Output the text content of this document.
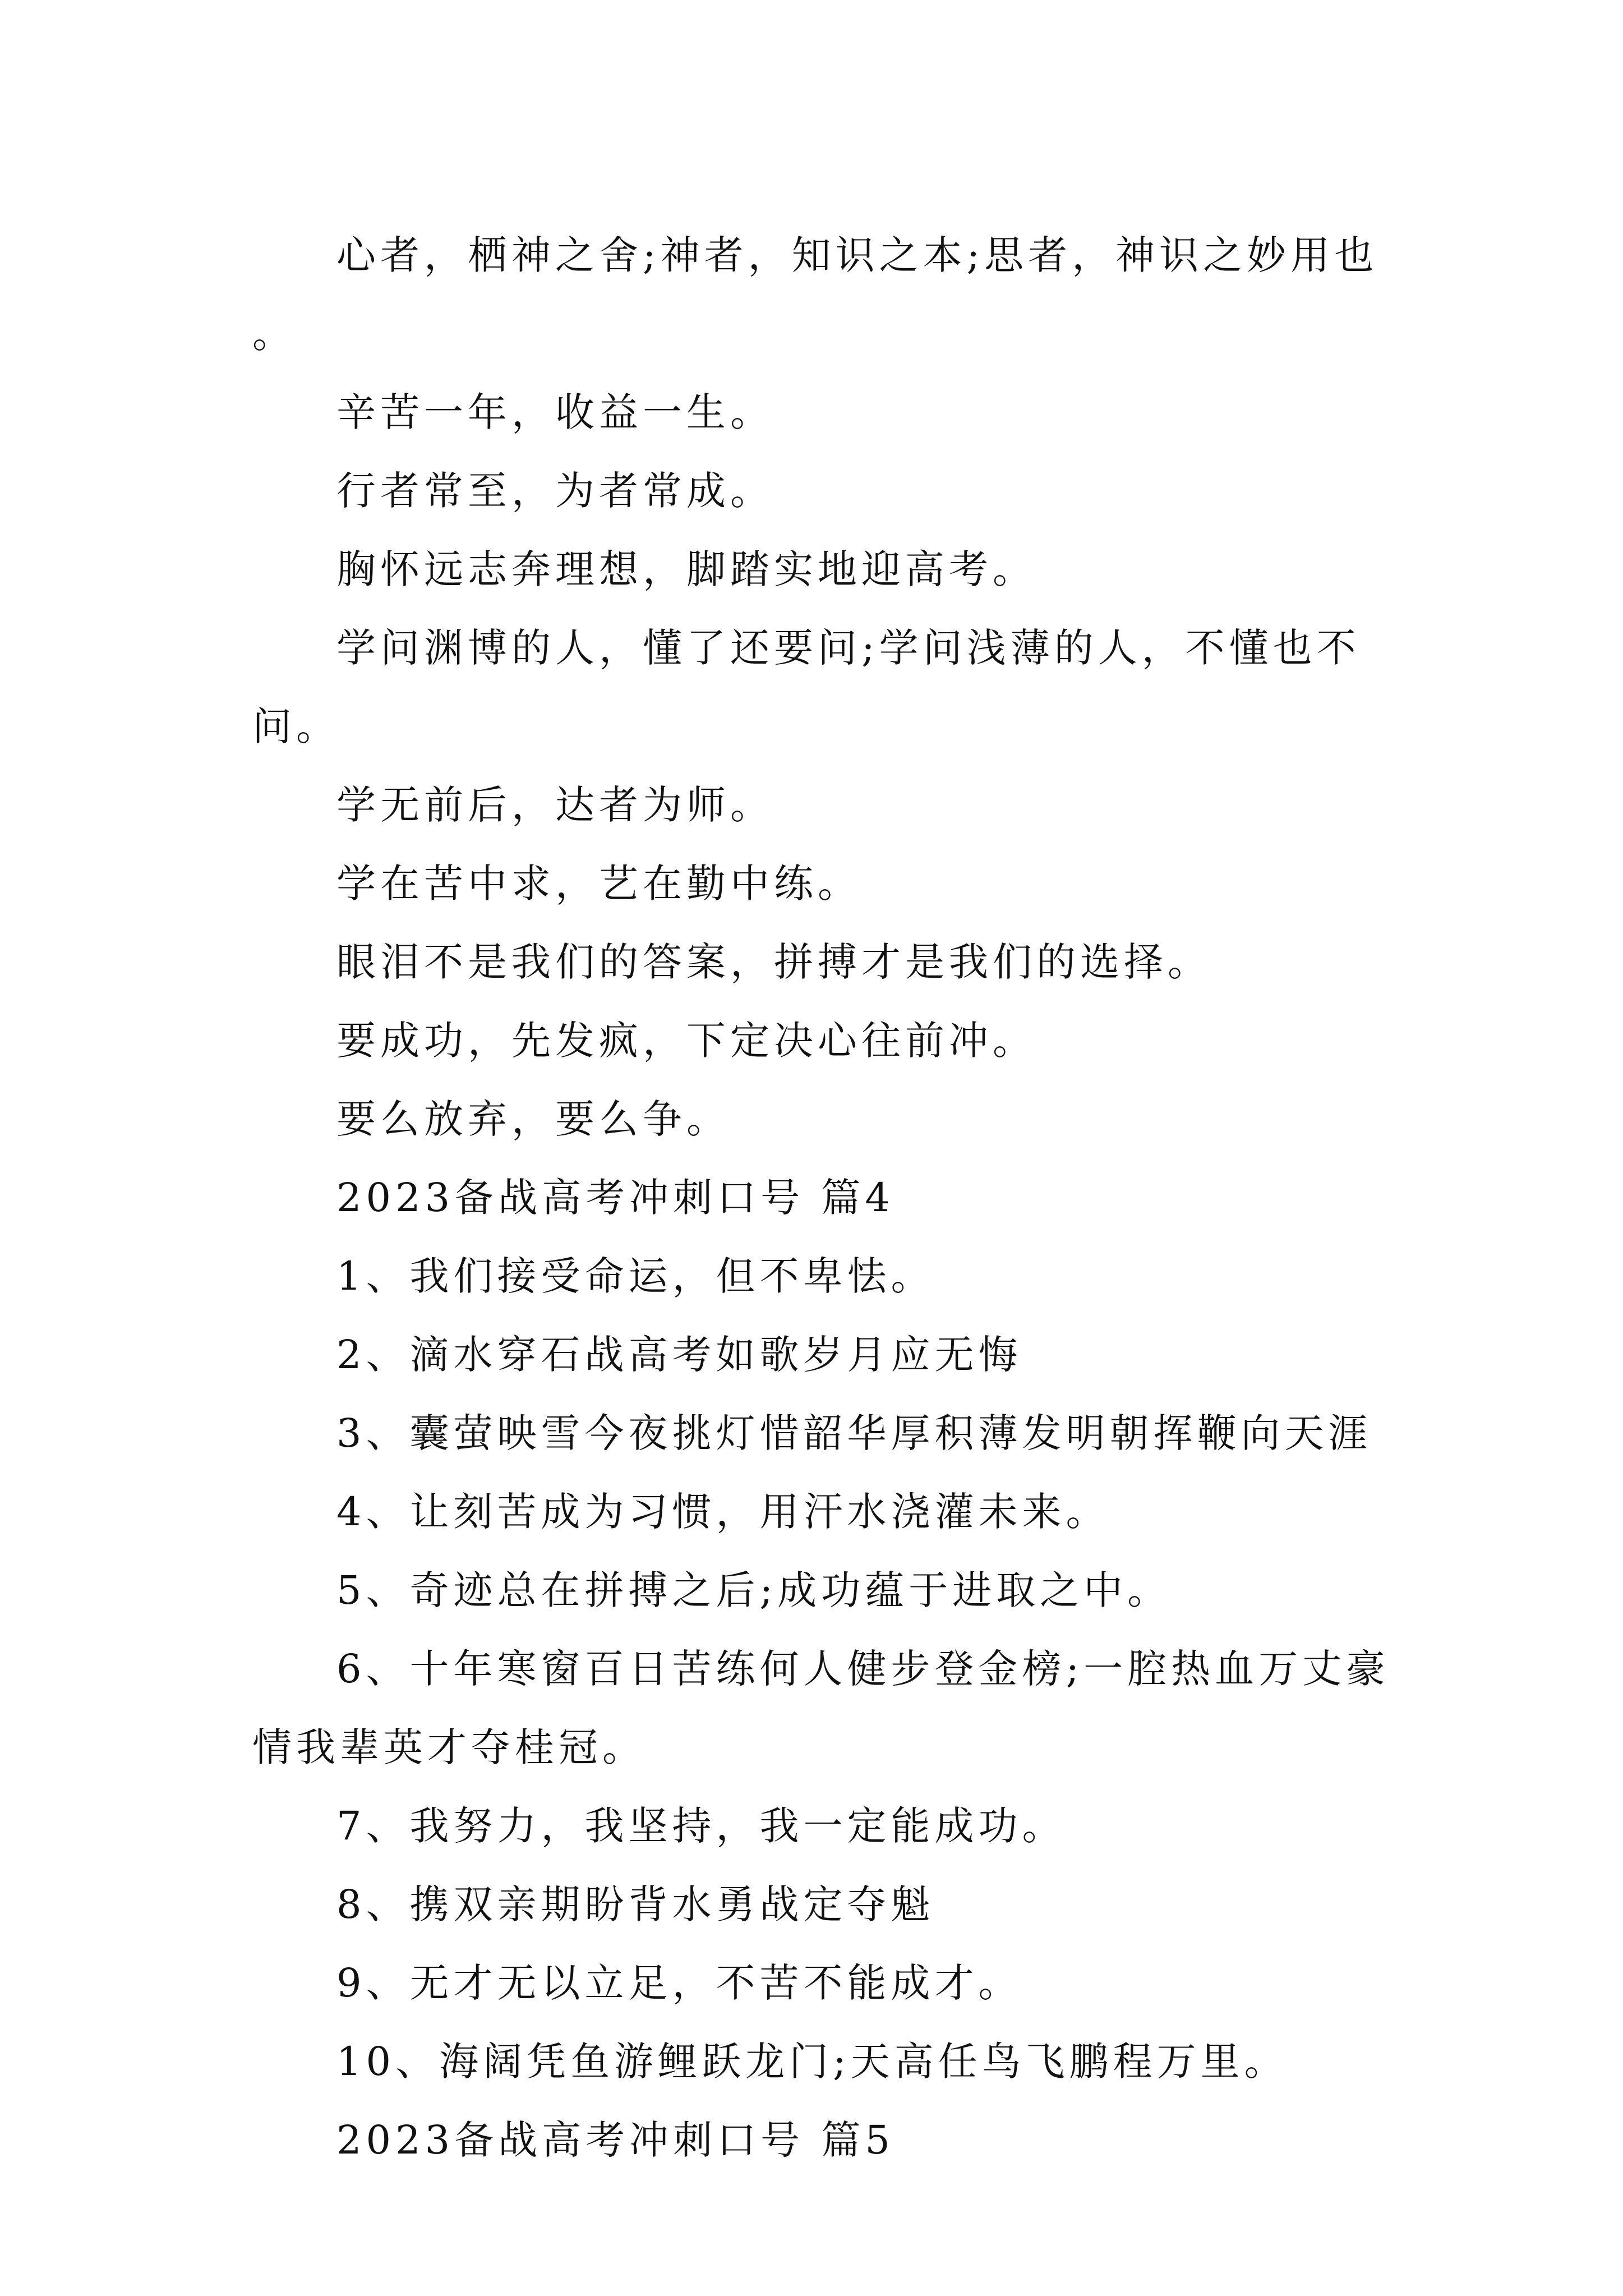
心者，栖神之舍;神者，知识之本;思者，神识之妙用也。

辛苦一年，收益一生。

行者常至，为者常成。

胸怀远志奔理想，脚踏实地迎高考。

学问渊博的人，懂了还要问;学问浅薄的人，不懂也不问。

学无前后，达者为师。

学在苦中求，艺在勤中练。

眼泪不是我们的答案，拼搏才是我们的选择。

要成功，先发疯，下定决心往前冲。

要么放弃，要么争。

2023备战高考冲刺口号 篇4

1、我们接受命运，但不卑怯。

2、滴水穿石战高考如歌岁月应无悔

3、囊萤映雪今夜挑灯惜韶华厚积薄发明朝挥鞭向天涯

4、让刻苦成为习惯，用汗水浇灌未来。

5、奇迹总在拼搏之后;成功蕴于进取之中。

6、十年寒窗百日苦练何人健步登金榜;一腔热血万丈豪情我辈英才夺桂冠。

7、我努力，我坚持，我一定能成功。

8、携双亲期盼背水勇战定夺魁

9、无才无以立足，不苦不能成才。

10、海阔凭鱼游鲤跃龙门;天高任鸟飞鹏程万里。

2023备战高考冲刺口号 篇5
